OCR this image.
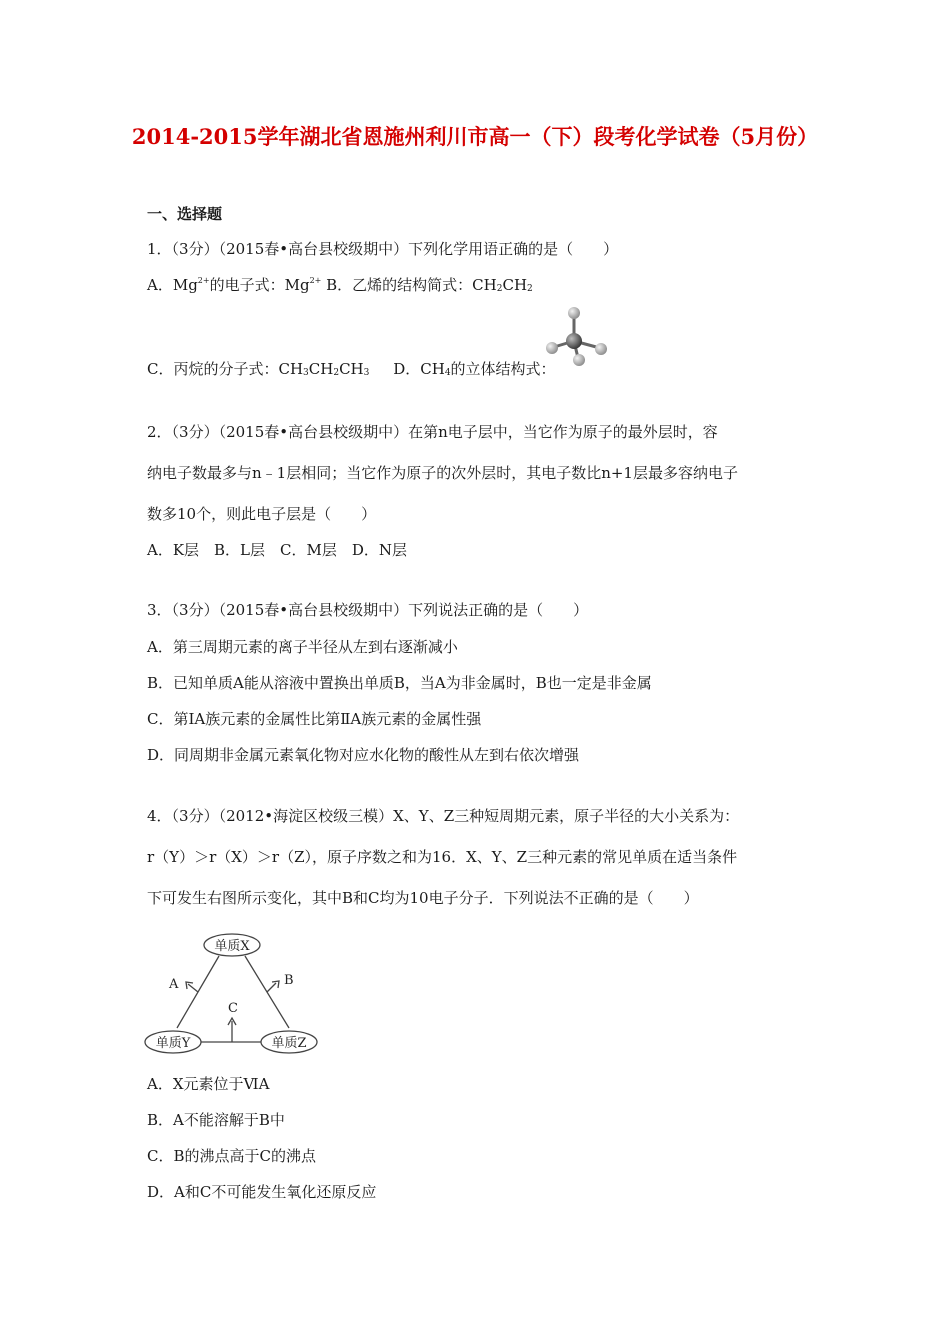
2014-2015学年湖北省恩施州利川市高一（下）段考化学试卷（5月份）
一、选择题
1．（3分）（2015春•高台县校级期中）下列化学用语正确的是（　　）
A．$Mg^{2+}$的电子式：$Mg^{2+}$ B．乙烯的结构简式：$CH_2CH_2$
C．丙烷的分子式：$CH_3CH_2CH_3$ D．$CH_4$的立体结构式：
2．（3分）（2015春•高台县校级期中）在第n电子层中，当它作为原子的最外层时，容
纳电子数最多与n﹣1层相同；当它作为原子的次外层时，其电子数比n+1层最多容纳电子
数多10个，则此电子层是（　　）
A．K层　B．L层　C．M层　D．N层
3．（3分）（2015春•高台县校级期中）下列说法正确的是（　　）
A．第三周期元素的离子半径从左到右逐渐减小
B．已知单质A能从溶液中置换出单质B，当A为非金属时，B也一定是非金属
C．第ⅠA族元素的金属性比第ⅡA族元素的金属性强
D．同周期非金属元素氧化物对应水化物的酸性从左到右依次增强
4．（3分）（2012•海淀区校级三模）X、Y、Z三种短周期元素，原子半径的大小关系为：
r（Y）＞r（X）＞r（Z），原子序数之和为16．X、Y、Z三种元素的常见单质在适当条件
下可发生右图所示变化，其中B和C均为10电子分子．下列说法不正确的是（　　）
单质X
单质Y	单质Z
A	B
C
A．X元素位于ⅥA
B．A不能溶解于B中
C．B的沸点高于C的沸点
D．A和C不可能发生氧化还原反应
